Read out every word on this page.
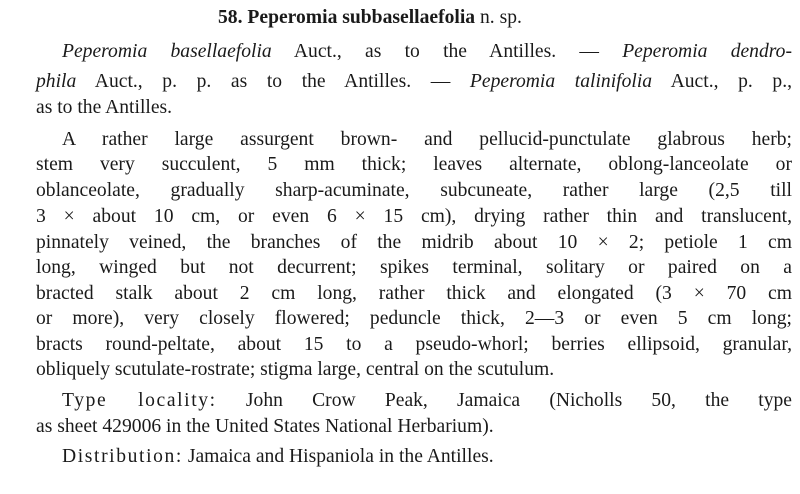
58. Peperomia subbasellaefolia n. sp.
Peperomia basellaefolia Auct., as to the Antilles. — Peperomia dendro-
phila Auct., p. p. as to the Antilles. — Peperomia talinifolia Auct., p. p.,
as to the Antilles.
A rather large assurgent brown- and pellucid-punctulate glabrous herb;
stem very succulent, 5 mm thick; leaves alternate, oblong-lanceolate or
oblanceolate, gradually sharp-acuminate, subcuneate, rather large (2,5 till
3 × about 10 cm, or even 6 × 15 cm), drying rather thin and translucent,
pinnately veined, the branches of the midrib about 10 × 2; petiole 1 cm
long, winged but not decurrent; spikes terminal, solitary or paired on a
bracted stalk about 2 cm long, rather thick and elongated (3 × 70 cm
or more), very closely flowered; peduncle thick, 2—3 or even 5 cm long;
bracts round-peltate, about 15 to a pseudo-whorl; berries ellipsoid, granular,
obliquely scutulate-rostrate; stigma large, central on the scutulum.
Type locality: John Crow Peak, Jamaica (Nicholls 50, the type
as sheet 429006 in the United States National Herbarium).
Distribution: Jamaica and Hispaniola in the Antilles.
